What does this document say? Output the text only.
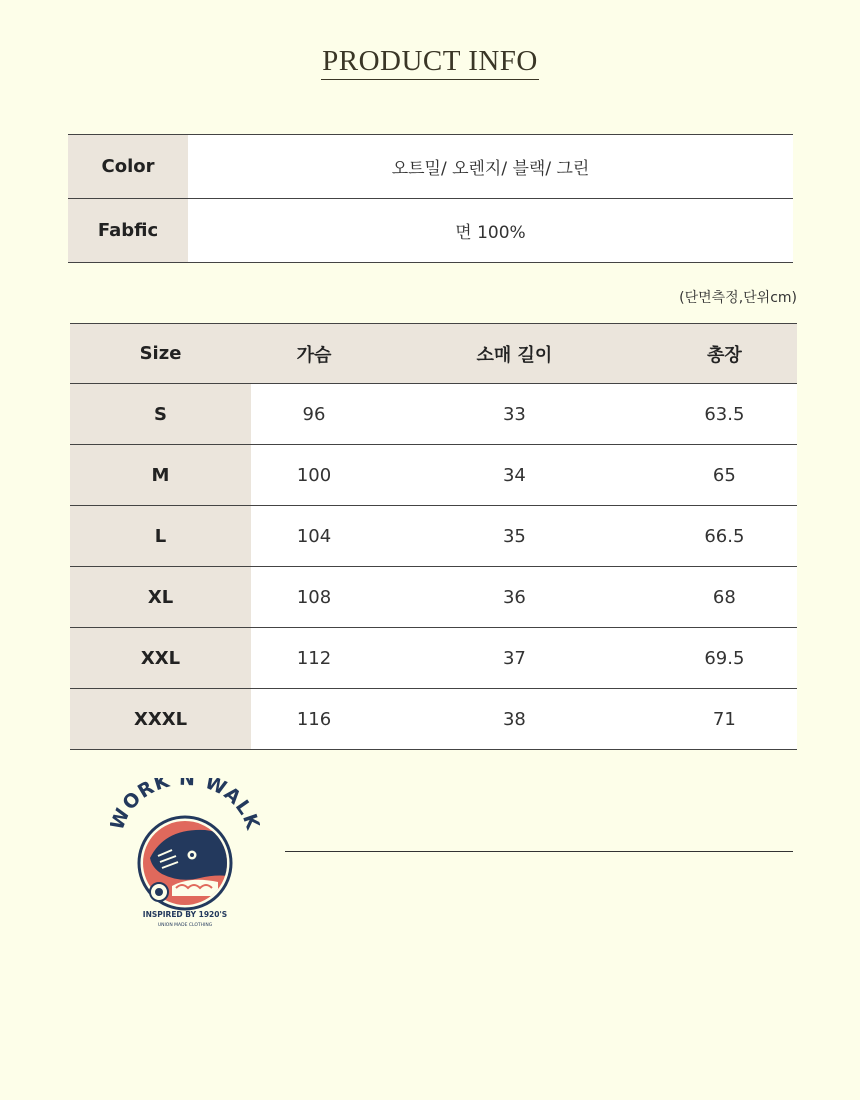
PRODUCT INFO
Color	오트밀/ 오렌지/ 블랙/ 그린
Fabfic	면 100%
(단면측정,단위cm)
Size	가슴	소매 길이	총장
S	96	33	63.5
M	100	34	65
L	104	35	66.5
XL	108	36	68
XXL	112	37	69.5
XXXL	116	38	71
ORK N WAL
INSPIRED BY 1920'S
UNION MADE CLOTHING
